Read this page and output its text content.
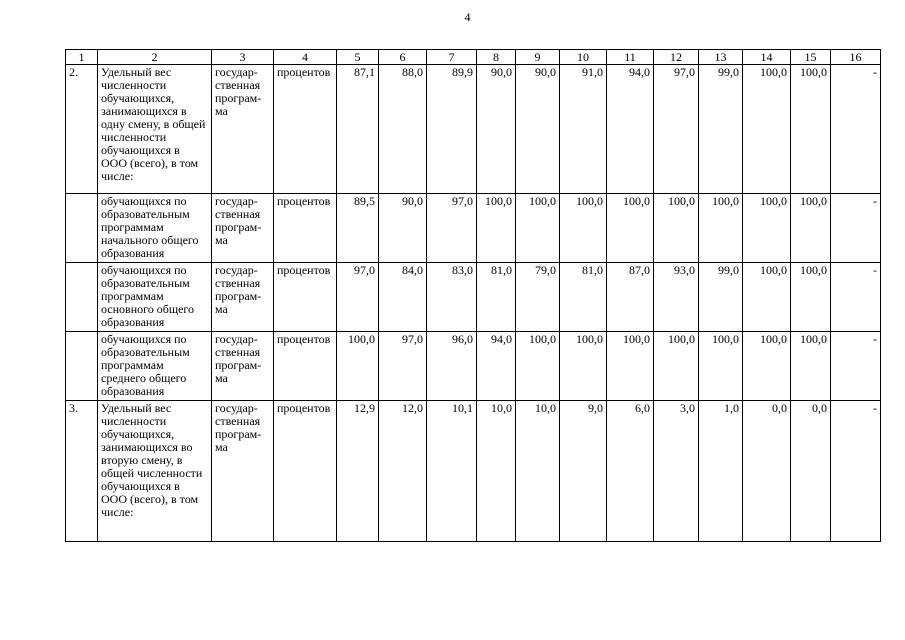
4
1	2	3	4	5	6	7	8	9	10	11	12	13	14	15	16
2.	Удельный вес численности обучающихся, занимающихся в одну смену, в общей численности обучающихся в ООО (всего), в том числе:	государ-ственная програм-ма	процентов	87,1	88,0	89,9	90,0	90,0	91,0	94,0	97,0	99,0	100,0	100,0	-
	обучающихся по образовательным программам начального общего образования	государ-ственная програм-ма	процентов	89,5	90,0	97,0	100,0	100,0	100,0	100,0	100,0	100,0	100,0	100,0	-
	обучающихся по образовательным программам основного общего образования	государ-ственная програм-ма	процентов	97,0	84,0	83,0	81,0	79,0	81,0	87,0	93,0	99,0	100,0	100,0	-
	обучающихся по образовательным программам среднего общего образования	государ-ственная програм-ма	процентов	100,0	97,0	96,0	94,0	100,0	100,0	100,0	100,0	100,0	100,0	100,0	-
3.	Удельный вес численности обучающихся, занимающихся во вторую смену, в общей численности обучающихся в ООО (всего), в том числе:	государ-ственная програм-ма	процентов	12,9	12,0	10,1	10,0	10,0	9,0	6,0	3,0	1,0	0,0	0,0	-
